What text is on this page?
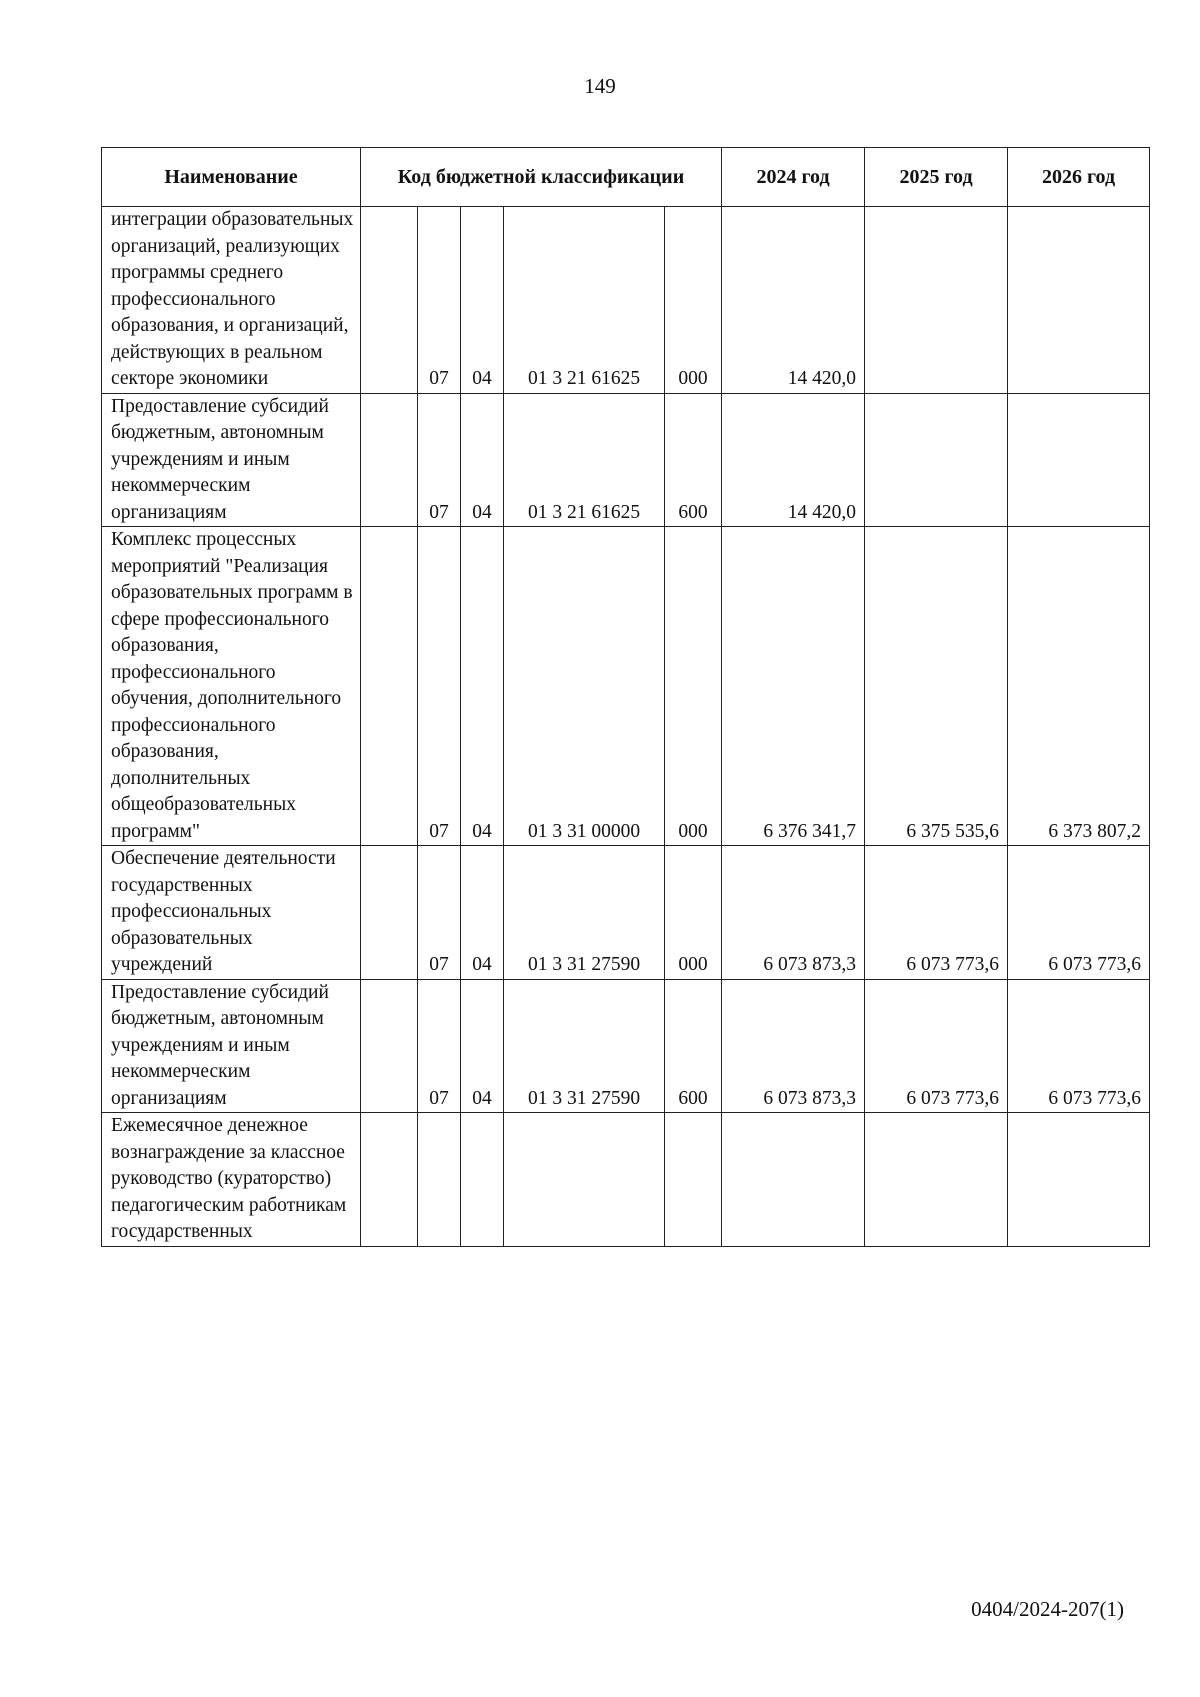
149
Наименование	Код бюджетной классификации					2024 год	2025 год	2026 год
интеграции образовательных организаций, реализующих программы среднего профессионального образования, и организаций, действующих в реальном секторе экономики		07	04	01 3 21 61625	000	14 420,0		
Предоставление субсидий бюджетным, автономным учреждениям и иным некоммерческим организациям		07	04	01 3 21 61625	600	14 420,0		
Комплекс процессных мероприятий "Реализация образовательных программ в сфере профессионального образования, профессионального обучения, дополнительного профессионального образования, дополнительных общеобразовательных программ"		07	04	01 3 31 00000	000	6 376 341,7	6 375 535,6	6 373 807,2
Обеспечение деятельности государственных профессиональных образовательных учреждений		07	04	01 3 31 27590	000	6 073 873,3	6 073 773,6	6 073 773,6
Предоставление субсидий бюджетным, автономным учреждениям и иным некоммерческим организациям		07	04	01 3 31 27590	600	6 073 873,3	6 073 773,6	6 073 773,6
Ежемесячное денежное вознаграждение за классное руководство (кураторство) педагогическим работникам государственных								
0404/2024-207(1)
